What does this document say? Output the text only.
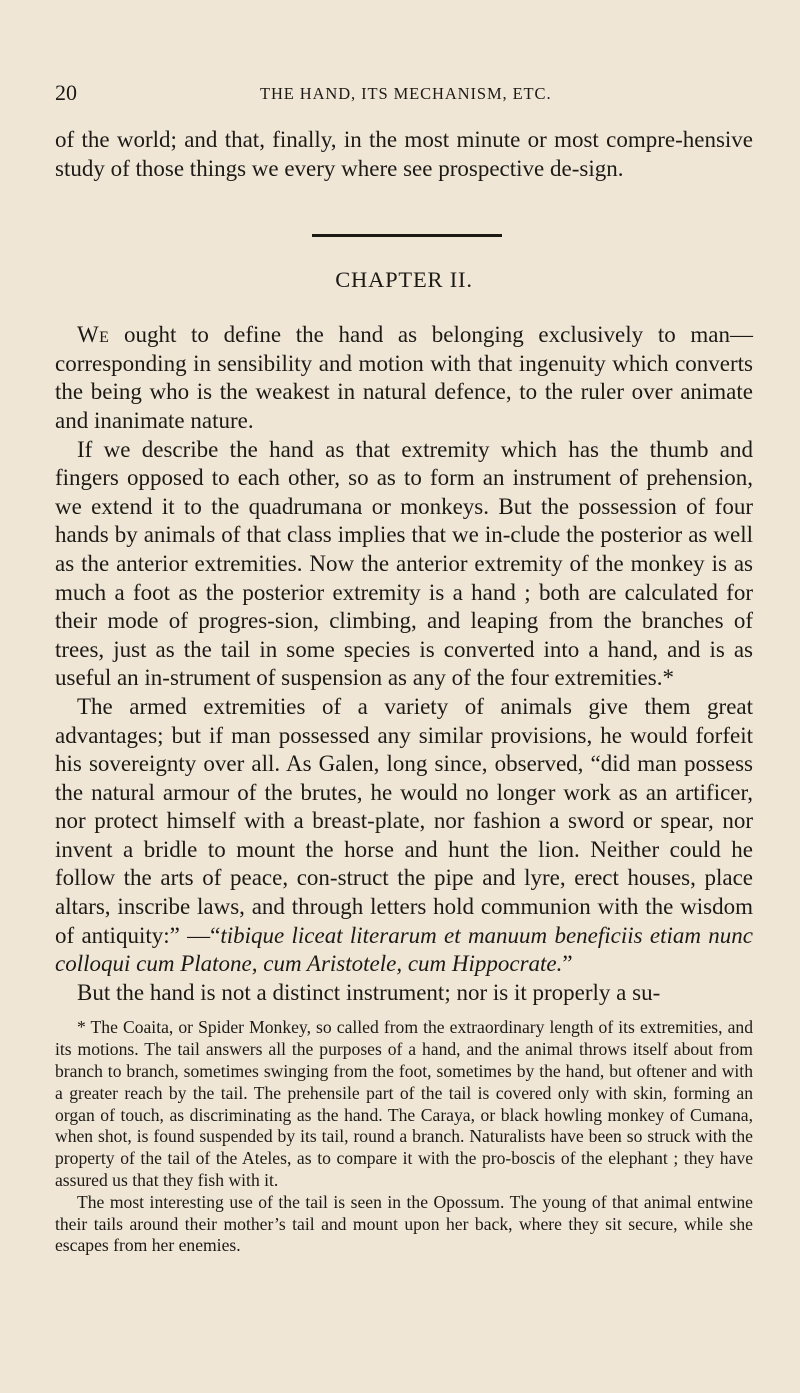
20	THE HAND, ITS MECHANISM, ETC.

of the world; and that, finally, in the most minute or most compre-hensive study of those things we every where see prospective de-sign.

CHAPTER II.

We ought to define the hand as belonging exclusively to man—corresponding in sensibility and motion with that ingenuity which converts the being who is the weakest in natural defence, to the ruler over animate and inanimate nature.

If we describe the hand as that extremity which has the thumb and fingers opposed to each other, so as to form an instrument of prehension, we extend it to the quadrumana or monkeys. But the possession of four hands by animals of that class implies that we in-clude the posterior as well as the anterior extremities. Now the anterior extremity of the monkey is as much a foot as the posterior extremity is a hand ; both are calculated for their mode of progres-sion, climbing, and leaping from the branches of trees, just as the tail in some species is converted into a hand, and is as useful an in-strument of suspension as any of the four extremities.*

The armed extremities of a variety of animals give them great advantages; but if man possessed any similar provisions, he would forfeit his sovereignty over all. As Galen, long since, observed, “did man possess the natural armour of the brutes, he would no longer work as an artificer, nor protect himself with a breast-plate, nor fashion a sword or spear, nor invent a bridle to mount the horse and hunt the lion. Neither could he follow the arts of peace, con-struct the pipe and lyre, erect houses, place altars, inscribe laws, and through letters hold communion with the wisdom of antiquity:” —“tibique liceat literarum et manuum beneficiis etiam nunc colloqui cum Platone, cum Aristotele, cum Hippocrate.”

But the hand is not a distinct instrument; nor is it properly a su-

* The Coaita, or Spider Monkey, so called from the extraordinary length of its extremities, and its motions. The tail answers all the purposes of a hand, and the animal throws itself about from branch to branch, sometimes swinging from the foot, sometimes by the hand, but oftener and with a greater reach by the tail. The prehensile part of the tail is covered only with skin, forming an organ of touch, as discriminating as the hand. The Caraya, or black howling monkey of Cumana, when shot, is found suspended by its tail, round a branch. Naturalists have been so struck with the property of the tail of the Ateles, as to compare it with the pro-boscis of the elephant ; they have assured us that they fish with it.

The most interesting use of the tail is seen in the Opossum. The young of that animal entwine their tails around their mother’s tail and mount upon her back, where they sit secure, while she escapes from her enemies.
